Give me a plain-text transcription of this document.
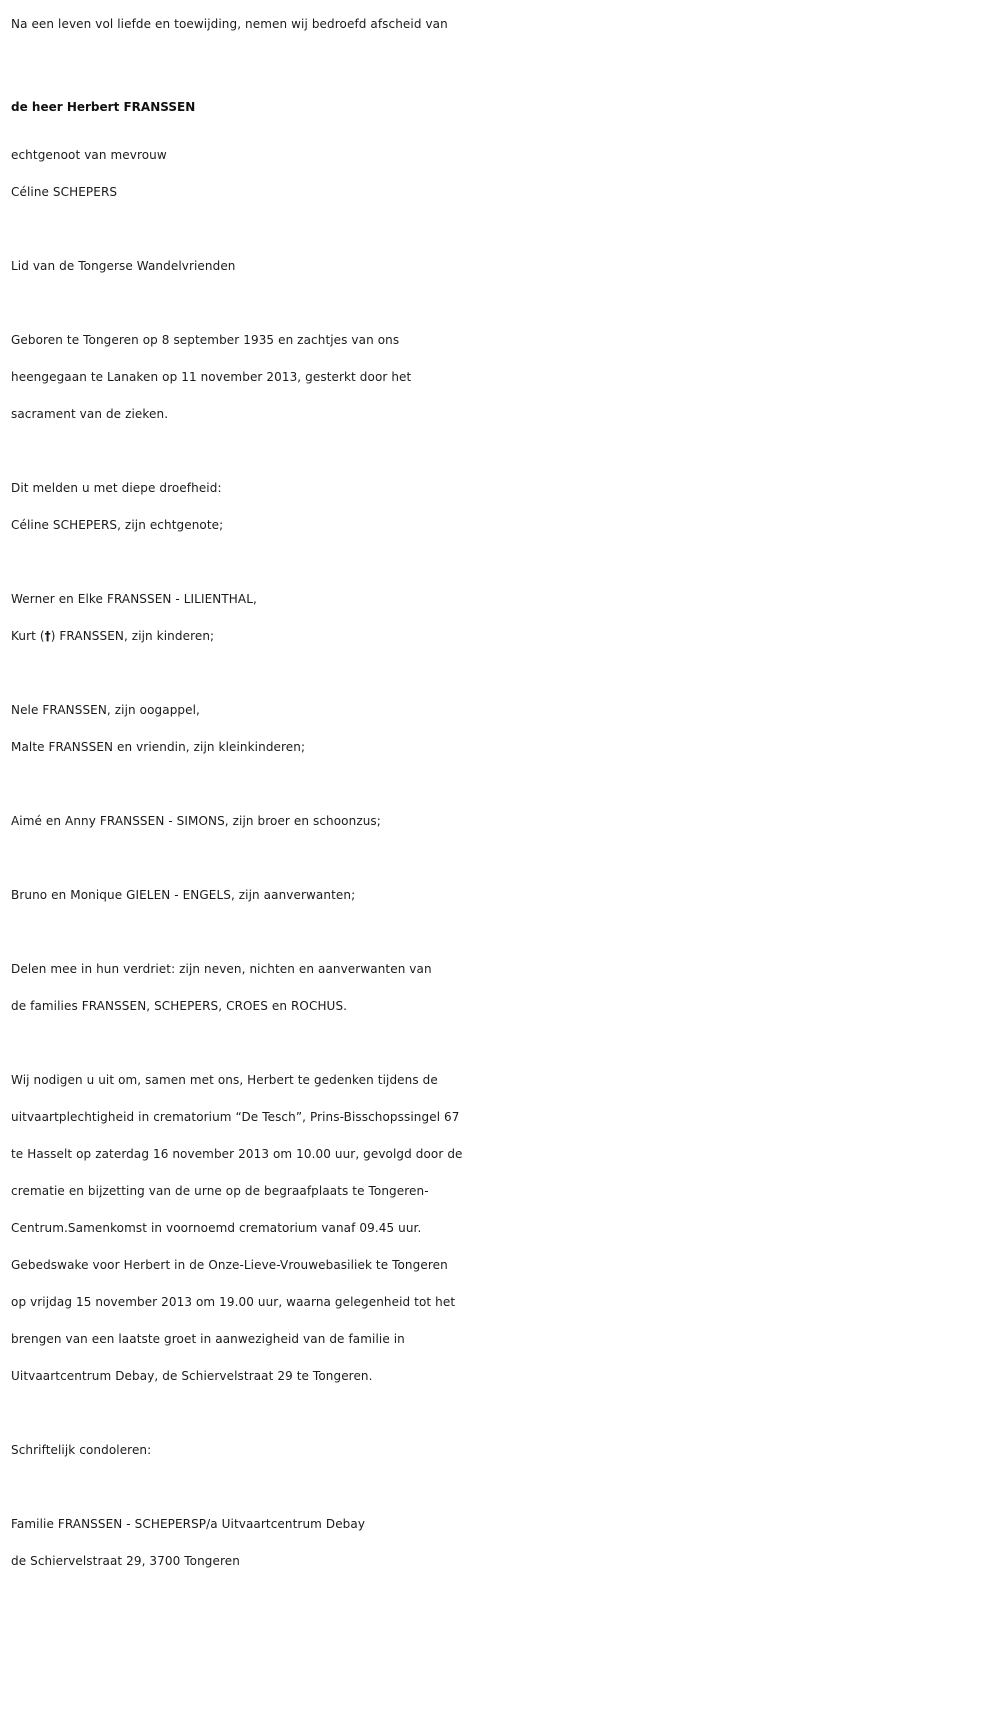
Na een leven vol liefde en toewijding, nemen wij bedroefd afscheid van
de heer Herbert FRANSSEN
echtgenoot van mevrouw
Céline SCHEPERS
Lid van de Tongerse Wandelvrienden
Geboren te Tongeren op 8 september 1935 en zachtjes van ons
heengegaan te Lanaken op 11 november 2013, gesterkt door het
sacrament van de zieken.
Dit melden u met diepe droefheid:
Céline SCHEPERS, zijn echtgenote;
Werner en Elke FRANSSEN - LILIENTHAL,
Kurt (†) FRANSSEN, zijn kinderen;
Nele FRANSSEN, zijn oogappel,
Malte FRANSSEN en vriendin, zijn kleinkinderen;
Aimé en Anny FRANSSEN - SIMONS, zijn broer en schoonzus;
Bruno en Monique GIELEN - ENGELS, zijn aanverwanten;
Delen mee in hun verdriet: zijn neven, nichten en aanverwanten van
de families FRANSSEN, SCHEPERS, CROES en ROCHUS.
Wij nodigen u uit om, samen met ons, Herbert te gedenken tijdens de
uitvaartplechtigheid in crematorium “De Tesch”, Prins-Bisschopssingel 67
te Hasselt op zaterdag 16 november 2013 om 10.00 uur, gevolgd door de
crematie en bijzetting van de urne op de begraafplaats te Tongeren-
Centrum.Samenkomst in voornoemd crematorium vanaf 09.45 uur.
Gebedswake voor Herbert in de Onze-Lieve-Vrouwebasiliek te Tongeren
op vrijdag 15 november 2013 om 19.00 uur, waarna gelegenheid tot het
brengen van een laatste groet in aanwezigheid van de familie in
Uitvaartcentrum Debay, de Schiervelstraat 29 te Tongeren.
Schriftelijk condoleren:
Familie FRANSSEN - SCHEPERSP/a Uitvaartcentrum Debay
de Schiervelstraat 29, 3700 Tongeren
